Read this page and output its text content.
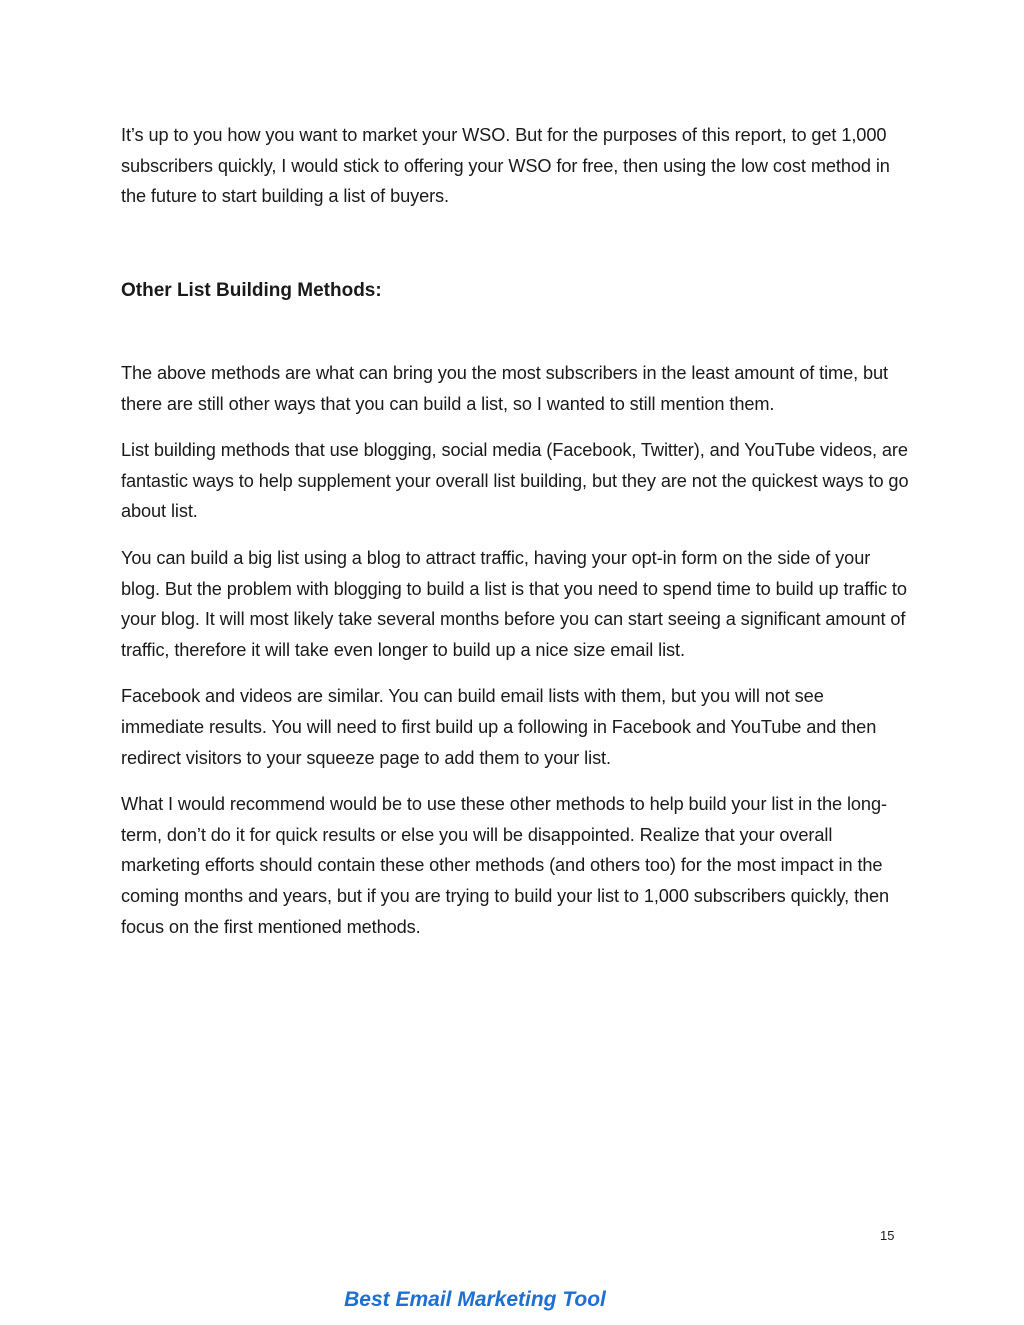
It’s up to you how you want to market your WSO. But for the purposes of this report, to get 1,000 subscribers quickly, I would stick to offering your WSO for free, then using the low cost method in the future to start building a list of buyers.

Other List Building Methods:

The above methods are what can bring you the most subscribers in the least amount of time, but there are still other ways that you can build a list, so I wanted to still mention them.

List building methods that use blogging, social media (Facebook, Twitter), and YouTube videos, are fantastic ways to help supplement your overall list building, but they are not the quickest ways to go about list.

You can build a big list using a blog to attract traffic, having your opt-in form on the side of your blog. But the problem with blogging to build a list is that you need to spend time to build up traffic to your blog. It will most likely take several months before you can start seeing a significant amount of traffic, therefore it will take even longer to build up a nice size email list.

Facebook and videos are similar. You can build email lists with them, but you will not see immediate results. You will need to first build up a following in Facebook and YouTube and then redirect visitors to your squeeze page to add them to your list.

What I would recommend would be to use these other methods to help build your list in the long-term, don’t do it for quick results or else you will be disappointed. Realize that your overall marketing efforts should contain these other methods (and others too) for the most impact in the coming months and years, but if you are trying to build your list to 1,000 subscribers quickly, then focus on the first mentioned methods.

15
Best Email Marketing Tool
